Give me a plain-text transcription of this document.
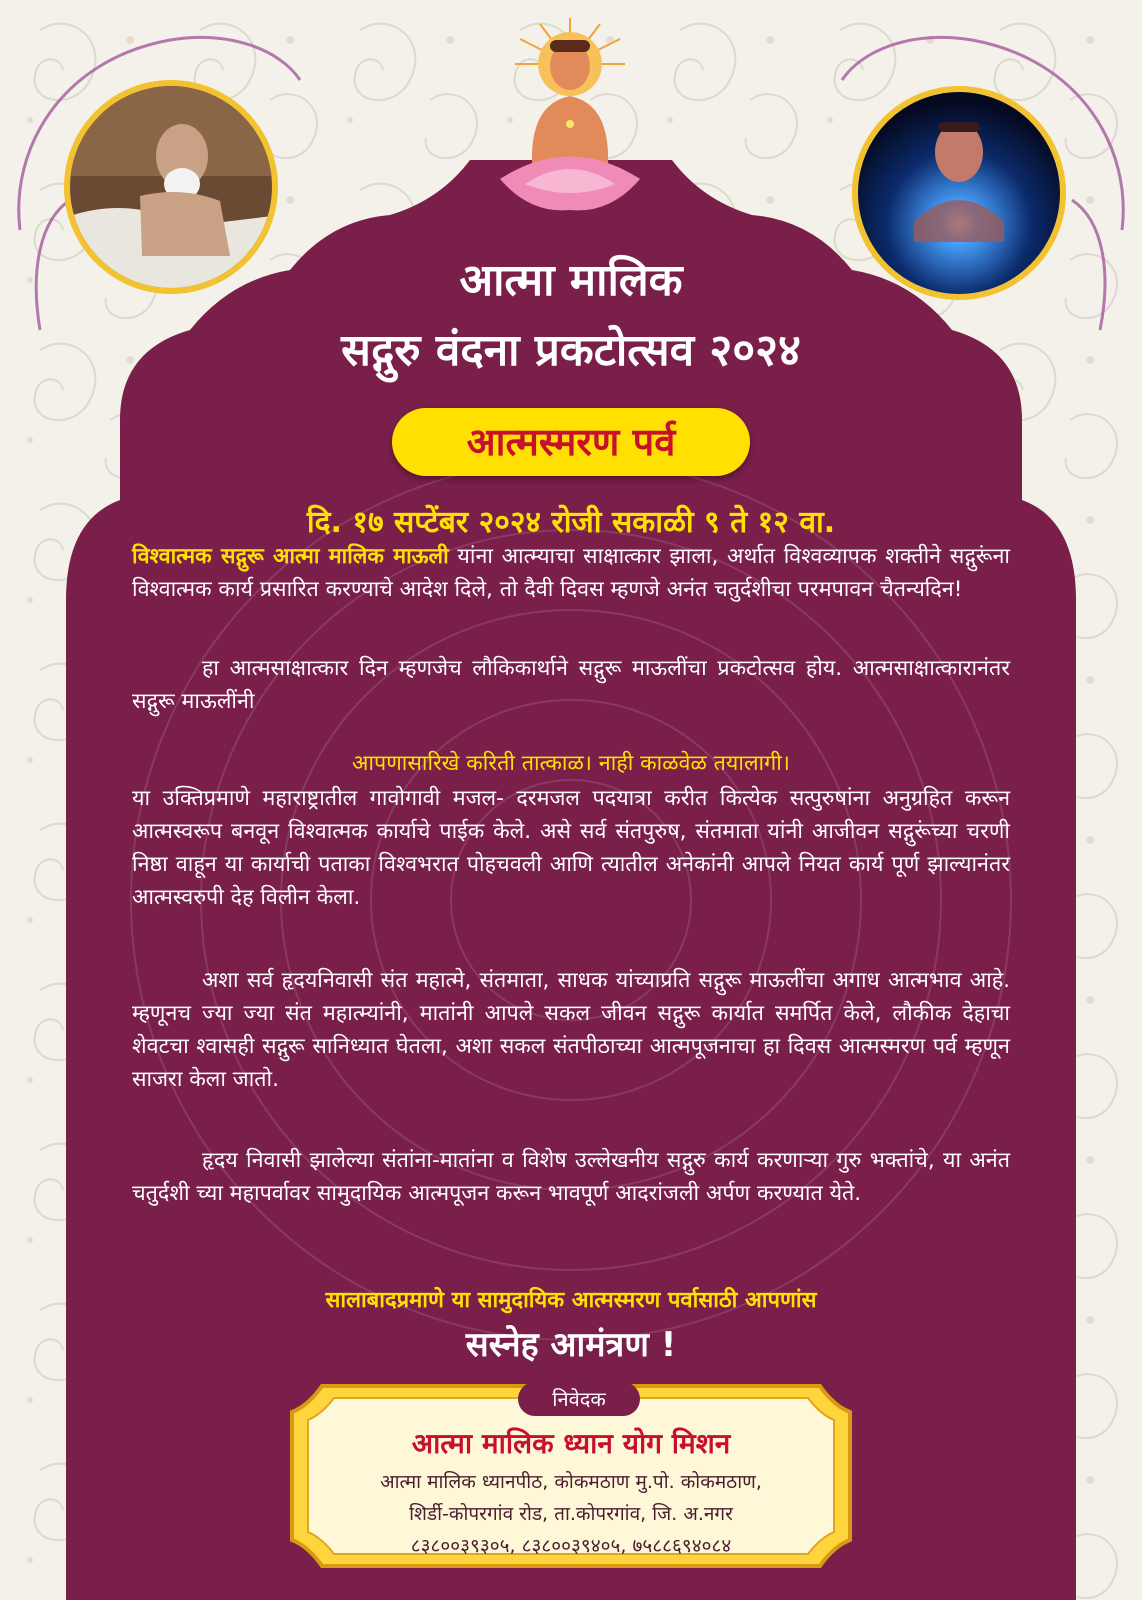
आत्मा मालिक
सद्गुरु वंदना प्रकटोत्सव २०२४
आत्मस्मरण पर्व
दि. १७ सप्टेंबर २०२४ रोजी सकाळी ९ ते १२ वा.

विश्वात्मक सद्गुरू आत्मा मालिक माऊली यांना आत्म्याचा साक्षात्कार झाला, अर्थात विश्वव्यापक शक्तीने सद्गुरूंना विश्वात्मक कार्य प्रसारित करण्याचे आदेश दिले, तो दैवी दिवस म्हणजे अनंत चतुर्दशीचा परमपावन चैतन्यदिन!

हा आत्मसाक्षात्कार दिन म्हणजेच लौकिकार्थाने सद्गुरू माऊलींचा प्रकटोत्सव होय. आत्मसाक्षात्कारानंतर सद्गुरू माऊलींनी

आपणासारिखे करिती तात्काळ। नाही काळवेळ तयालागी।

या उक्तिप्रमाणे महाराष्ट्रातील गावोगावी मजल- दरमजल पदयात्रा करीत कित्येक सत्पुरुषांना अनुग्रहित करून आत्मस्वरूप बनवून विश्वात्मक कार्याचे पाईक केले. असे सर्व संतपुरुष, संतमाता यांनी आजीवन सद्गुरूंच्या चरणी निष्ठा वाहून या कार्याची पताका विश्वभरात पोहचवली आणि त्यातील अनेकांनी आपले नियत कार्य पूर्ण झाल्यानंतर आत्मस्वरुपी देह विलीन केला.

अशा सर्व हृदयनिवासी संत महात्मे, संतमाता, साधक यांच्याप्रति सद्गुरू माऊलींचा अगाध आत्मभाव आहे. म्हणूनच ज्या ज्या संत महात्म्यांनी, मातांनी आपले सकल जीवन सद्गुरू कार्यात समर्पित केले, लौकीक देहाचा शेवटचा श्वासही सद्गुरू सानिध्यात घेतला, अशा सकल संतपीठाच्या आत्मपूजनाचा हा दिवस आत्मस्मरण पर्व म्हणून साजरा केला जातो.

हृदय निवासी झालेल्या संतांना-मातांना व विशेष उल्लेखनीय सद्गुरु कार्य करणाऱ्या गुरु भक्तांचे, या अनंत चतुर्दशी च्या महापर्वावर सामुदायिक आत्मपूजन करून भावपूर्ण आदरांजली अर्पण करण्यात येते.

सालाबादप्रमाणे या सामुदायिक आत्मस्मरण पर्वासाठी आपणांस
सस्नेह आमंत्रण !
निवेदक
आत्मा मालिक ध्यान योग मिशन
आत्मा मालिक ध्यानपीठ, कोकमठाण मु.पो. कोकमठाण,
शिर्डी-कोपरगांव रोड, ता.कोपरगांव, जि. अ.नगर
८३८००३९३०५, ८३८००३९४०५, ७५८८६९४०८४
